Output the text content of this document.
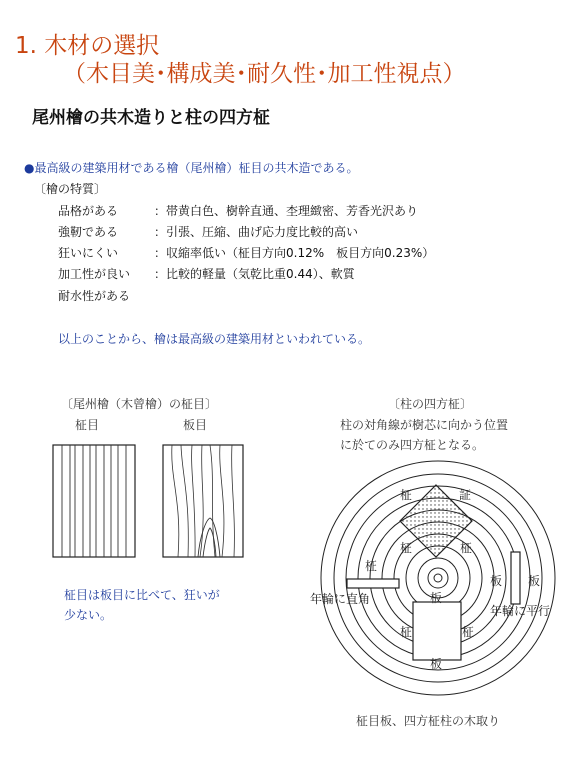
1. 木材の選択
（木目美･構成美･耐久性･加工性視点）
尾州檜の共木造りと柱の四方柾
●最高級の建築用材である檜（尾州檜）柾目の共木造である。
〔檜の特質〕
品格がある	：帯黄白色、樹幹直通、杢理緻密、芳香光沢あり
強靭である	：引張、圧縮、曲げ応力度比較的高い
狂いにくい	：収縮率低い（柾目方向0.12%　板目方向0.23%）
加工性が良い ：比較的軽量（気乾比重0.44）、軟質
耐水性がある
以上のことから、檜は最高級の建築用材といわれている。
〔尾州檜（木曾檜）の柾目〕
柾目	板目
柾目は板目に比べて、狂いが
少ない。
〔柱の四方柾〕
柱の対角線が樹芯に向かう位置
に於てのみ四方柾となる。
柾	証
柾	柾
柾
板
板
柾	柾
板 板
年輪に直角
年輪に平行
柾目板、四方柾柱の木取り
